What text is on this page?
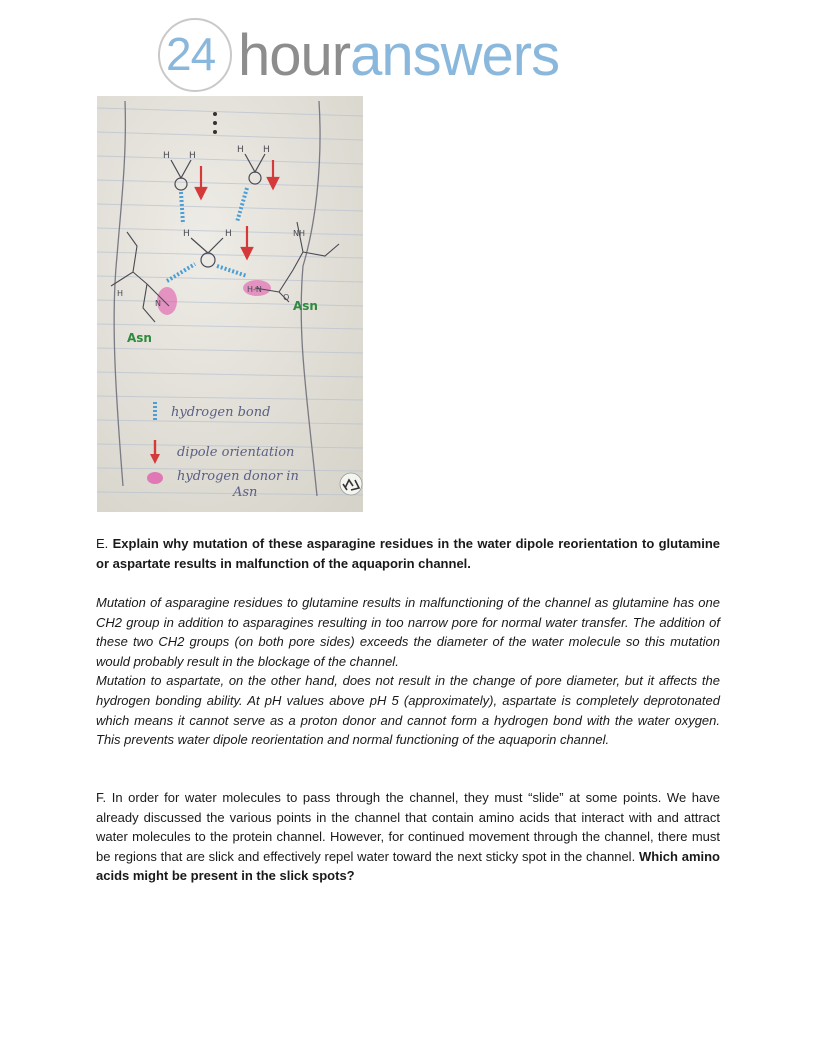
24 houranswers
H H
H H
H	H
H
N
H-N
O
NH
Asn
Asn
hydrogen bond
dipole orientation
hydrogen donor in
Asn

E. Explain why mutation of these asparagine residues in the water dipole reorientation to glutamine or aspartate results in malfunction of the aquaporin channel.

Mutation of asparagine residues to glutamine results in malfunctioning of the channel as glutamine has one CH2 group in addition to asparagines resulting in too narrow pore for normal water transfer. The addition of these two CH2 groups (on both pore sides) exceeds the diameter of the water molecule so this mutation would probably result in the blockage of the channel.
Mutation to aspartate, on the other hand, does not result in the change of pore diameter, but it affects the hydrogen bonding ability. At pH values above pH 5 (approximately), aspartate is completely deprotonated which means it cannot serve as a proton donor and cannot form a hydrogen bond with the water oxygen. This prevents water dipole reorientation and normal functioning of the aquaporin channel.

F. In order for water molecules to pass through the channel, they must “slide” at some points. We have already discussed the various points in the channel that contain amino acids that interact with and attract water molecules to the protein channel. However, for continued movement through the channel, there must be regions that are slick and effectively repel water toward the next sticky spot in the channel. Which amino acids might be present in the slick spots?
